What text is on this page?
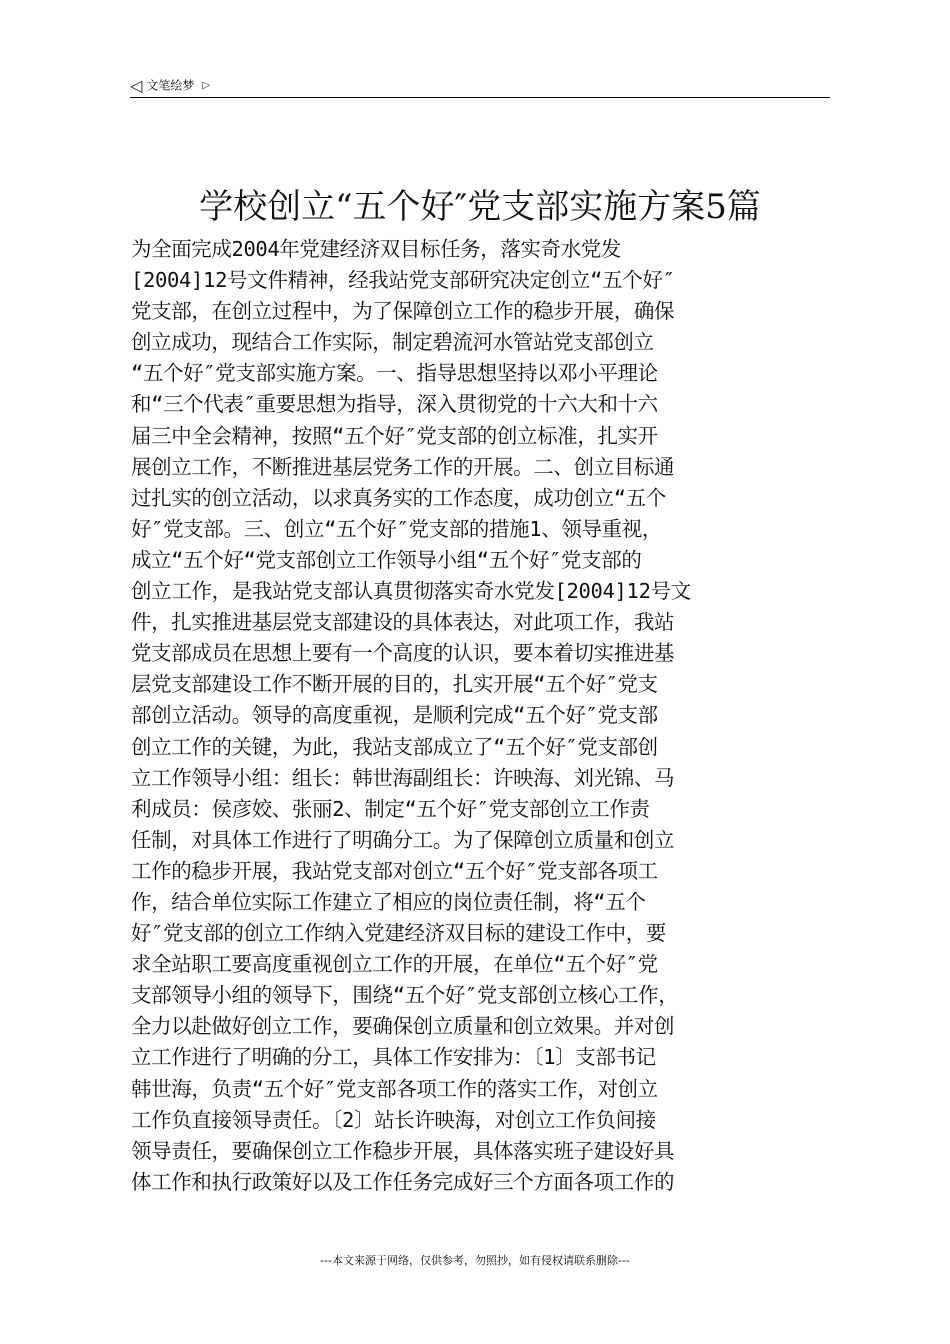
◁ 文笔绘梦 ▷
学校创立“五个好″党支部实施方案5篇
为全面完成2004年党建经济双目标任务，落实奇水党发
[2004]12号文件精神，经我站党支部研究决定创立“五个好″
党支部，在创立过程中，为了保障创立工作的稳步开展，确保
创立成功，现结合工作实际，制定碧流河水管站党支部创立
“五个好″党支部实施方案。一、指导思想坚持以邓小平理论
和“三个代表″重要思想为指导，深入贯彻党的十六大和十六
届三中全会精神，按照“五个好″党支部的创立标准，扎实开
展创立工作，不断推进基层党务工作的开展。二、创立目标通
过扎实的创立活动，以求真务实的工作态度，成功创立“五个
好″党支部。三、创立“五个好″党支部的措施1、领导重视，
成立“五个好“党支部创立工作领导小组“五个好″党支部的
创立工作，是我站党支部认真贯彻落实奇水党发[2004]12号文
件，扎实推进基层党支部建设的具体表达，对此项工作，我站
党支部成员在思想上要有一个高度的认识，要本着切实推进基
层党支部建设工作不断开展的目的，扎实开展“五个好″党支
部创立活动。领导的高度重视，是顺利完成“五个好″党支部
创立工作的关键，为此，我站支部成立了“五个好″党支部创
立工作领导小组：组长：韩世海副组长：许映海、刘光锦、马
利成员：侯彦姣、张丽2、制定“五个好″党支部创立工作责
任制，对具体工作进行了明确分工。为了保障创立质量和创立
工作的稳步开展，我站党支部对创立“五个好″党支部各项工
作，结合单位实际工作建立了相应的岗位责任制，将“五个
好″党支部的创立工作纳入党建经济双目标的建设工作中，要
求全站职工要高度重视创立工作的开展，在单位“五个好″党
支部领导小组的领导下，围绕“五个好″党支部创立核心工作，
全力以赴做好创立工作，要确保创立质量和创立效果。并对创
立工作进行了明确的分工，具体工作安排为：〔1〕支部书记
韩世海，负责“五个好″党支部各项工作的落实工作，对创立
工作负直接领导责任。〔2〕站长许映海，对创立工作负间接
领导责任，要确保创立工作稳步开展，具体落实班子建设好具
体工作和执行政策好以及工作任务完成好三个方面各项工作的
---本文来源于网络，仅供参考，勿照抄，如有侵权请联系删除---
